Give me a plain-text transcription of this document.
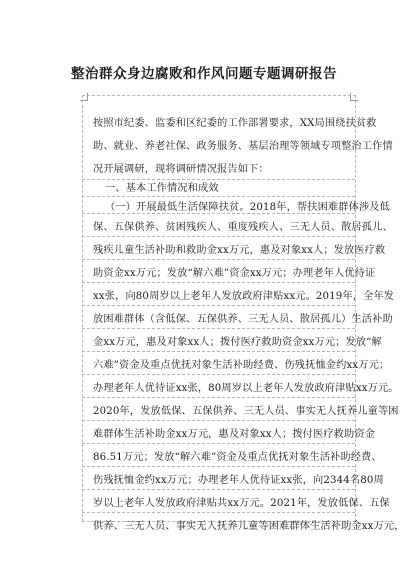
整治群众身边腐败和作风问题专题调研报告
按照市纪委、监委和区纪委的工作部署要求，XX局围绕扶贫救
助、就业、养老社保、政务服务、基层治理等领域专项整治工作情
况开展调研，现将调研情况报告如下：
一、基本工作情况和成效
（一）开展最低生活保障扶贫。2018年，帮扶困难群体涉及低
保、五保供养、贫困残疾人、重度残疾人、三无人员、散居孤儿、
残疾儿童生活补助和救助金xx万元，惠及对象xx人；发放医疗救
助资金xx万元；发放“解六难”资金xx万元；办理老年人优待证
xx张，向80周岁以上老年人发放政府津贴xx元。2019年，全年发
放困难群体（含低保、五保供养、三无人员、散居孤儿）生活补助
金xx万元，惠及对象xx人；拨付医疗救助资金xx万元；发放“解
六难”资金及重点优抚对象生活补助经费、伤残抚恤金约xx万元；
办理老年人优待证xx张，80周岁以上老年人发放政府津贴xx万元。
2020年，发放低保、五保供养、三无人员、事实无人抚养儿童等困
难群体生活补助金xx万元，惠及对象xx人；拨付医疗救助资金
86.51万元；发放“解六难”资金及重点优抚对象生活补助经费、
伤残抚恤金约xx万元；办理老年人优待证xx张，向2344名80周
岁以上老年人发放政府津贴共xx万元。2021年，发放低保、五保
供养、三无人员、事实无人抚养儿童等困难群体生活补助金xx万元，
